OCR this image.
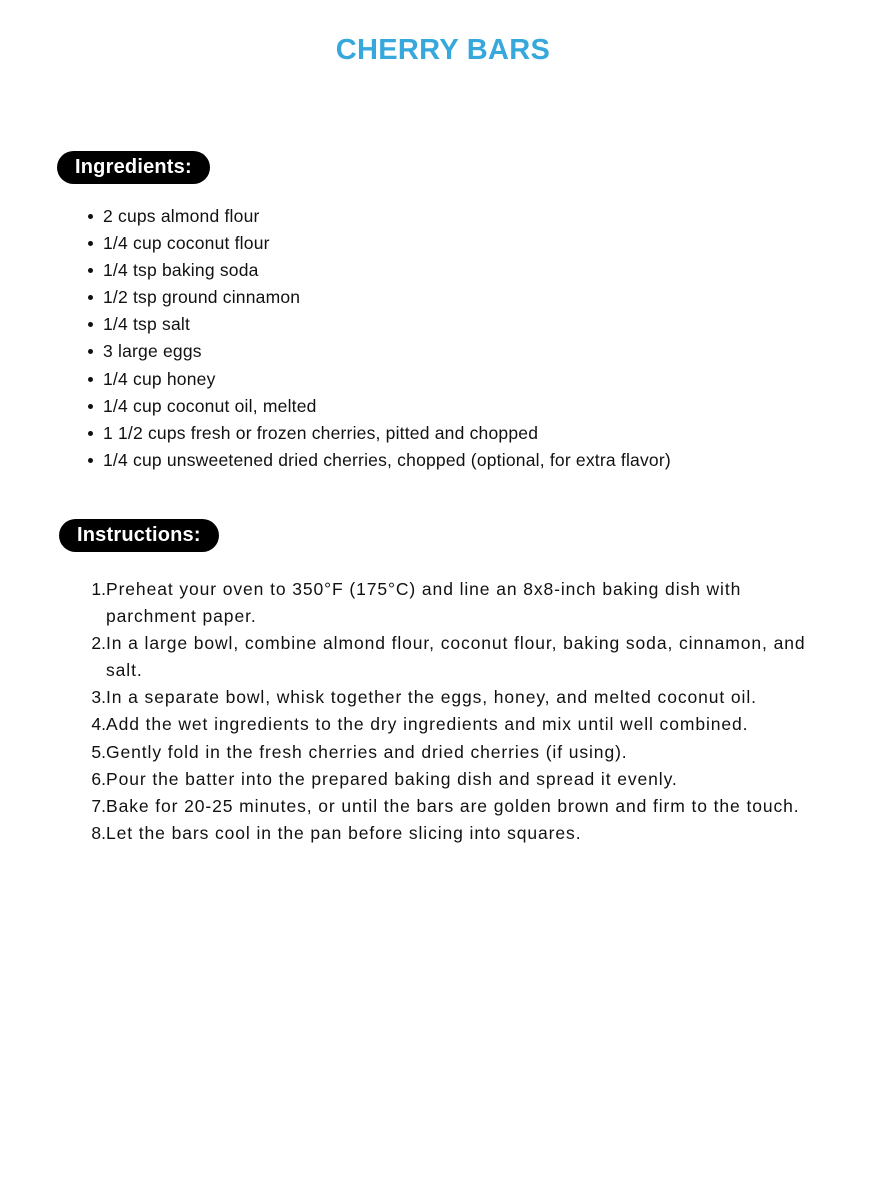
CHERRY BARS
Ingredients:
2 cups almond flour
1/4 cup coconut flour
1/4 tsp baking soda
1/2 tsp ground cinnamon
1/4 tsp salt
3 large eggs
1/4 cup honey
1/4 cup coconut oil, melted
1 1/2 cups fresh or frozen cherries, pitted and chopped
1/4 cup unsweetened dried cherries, chopped (optional, for extra flavor)
Instructions:
1. Preheat your oven to 350°F (175°C) and line an 8x8-inch baking dish with parchment paper.
2. In a large bowl, combine almond flour, coconut flour, baking soda, cinnamon, and salt.
3. In a separate bowl, whisk together the eggs, honey, and melted coconut oil.
4. Add the wet ingredients to the dry ingredients and mix until well combined.
5. Gently fold in the fresh cherries and dried cherries (if using).
6. Pour the batter into the prepared baking dish and spread it evenly.
7. Bake for 20-25 minutes, or until the bars are golden brown and firm to the touch.
8. Let the bars cool in the pan before slicing into squares.
